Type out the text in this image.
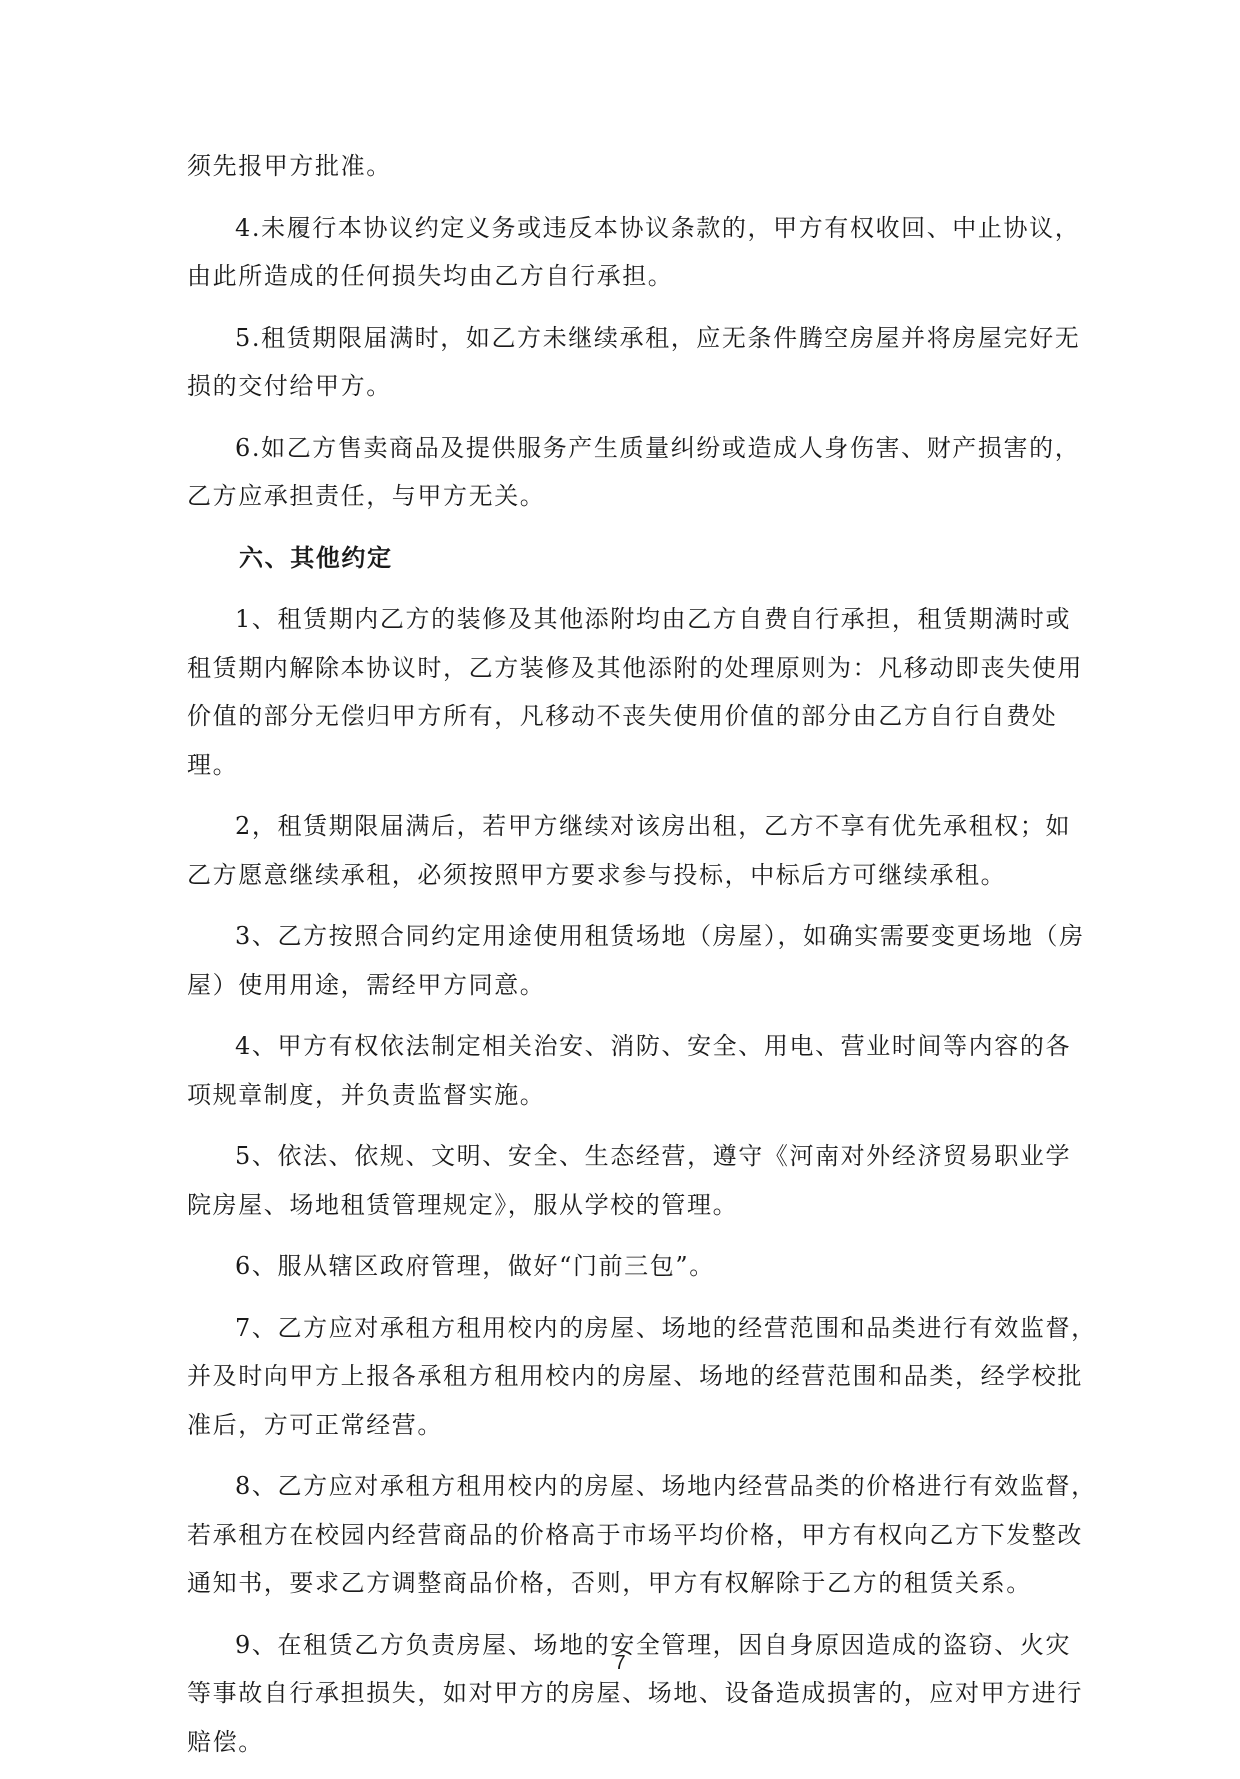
须先报甲方批准。
4.未履行本协议约定义务或违反本协议条款的，甲方有权收回、中止协议，
由此所造成的任何损失均由乙方自行承担。
5.租赁期限届满时，如乙方未继续承租，应无条件腾空房屋并将房屋完好无
损的交付给甲方。
6.如乙方售卖商品及提供服务产生质量纠纷或造成人身伤害、财产损害的，
乙方应承担责任，与甲方无关。
六、其他约定
1、租赁期内乙方的装修及其他添附均由乙方自费自行承担，租赁期满时或
租赁期内解除本协议时，乙方装修及其他添附的处理原则为：凡移动即丧失使用
价值的部分无偿归甲方所有，凡移动不丧失使用价值的部分由乙方自行自费处
理。
2，租赁期限届满后，若甲方继续对该房出租，乙方不享有优先承租权；如
乙方愿意继续承租，必须按照甲方要求参与投标，中标后方可继续承租。
3、乙方按照合同约定用途使用租赁场地（房屋），如确实需要变更场地（房
屋）使用用途，需经甲方同意。
4、甲方有权依法制定相关治安、消防、安全、用电、营业时间等内容的各
项规章制度，并负责监督实施。
5、依法、依规、文明、安全、生态经营，遵守《河南对外经济贸易职业学
院房屋、场地租赁管理规定》，服从学校的管理。
6、服从辖区政府管理，做好“门前三包”。
7、乙方应对承租方租用校内的房屋、场地的经营范围和品类进行有效监督，
并及时向甲方上报各承租方租用校内的房屋、场地的经营范围和品类，经学校批
准后，方可正常经营。
8、乙方应对承租方租用校内的房屋、场地内经营品类的价格进行有效监督，
若承租方在校园内经营商品的价格高于市场平均价格，甲方有权向乙方下发整改
通知书，要求乙方调整商品价格，否则，甲方有权解除于乙方的租赁关系。
9、在租赁乙方负责房屋、场地的安全管理，因自身原因造成的盗窃、火灾
等事故自行承担损失，如对甲方的房屋、场地、设备造成损害的，应对甲方进行
赔偿。
7
